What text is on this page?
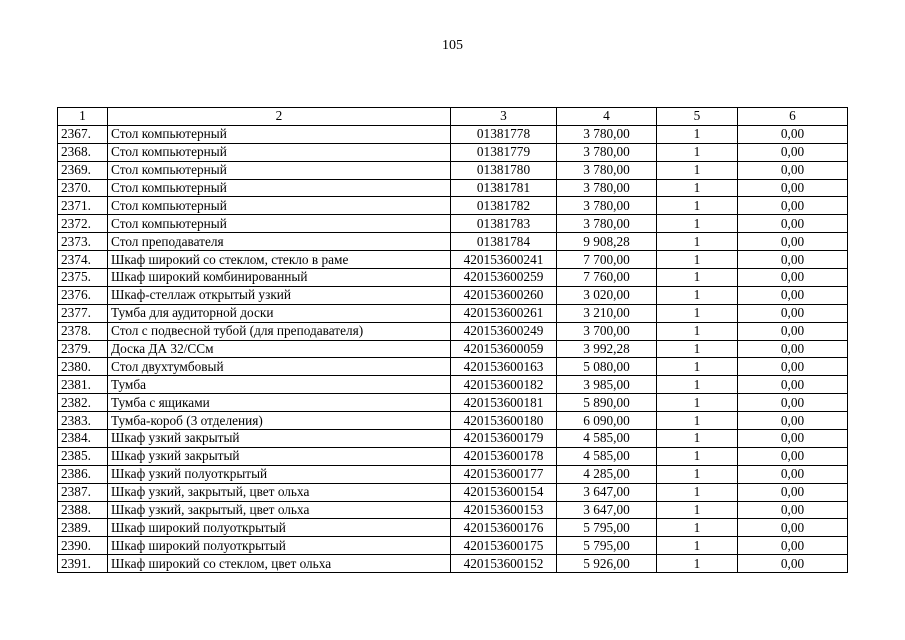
105
1	2	3	4	5	6
2367.	Стол компьютерный	01381778	3 780,00	1	0,00
2368.	Стол компьютерный	01381779	3 780,00	1	0,00
2369.	Стол компьютерный	01381780	3 780,00	1	0,00
2370.	Стол компьютерный	01381781	3 780,00	1	0,00
2371.	Стол компьютерный	01381782	3 780,00	1	0,00
2372.	Стол компьютерный	01381783	3 780,00	1	0,00
2373.	Стол преподавателя	01381784	9 908,28	1	0,00
2374.	Шкаф широкий со стеклом, стекло в раме	420153600241	7 700,00	1	0,00
2375.	Шкаф широкий комбинированный	420153600259	7 760,00	1	0,00
2376.	Шкаф-стеллаж открытый узкий	420153600260	3 020,00	1	0,00
2377.	Тумба для аудиторной доски	420153600261	3 210,00	1	0,00
2378.	Стол с подвесной тубой (для преподавателя)	420153600249	3 700,00	1	0,00
2379.	Доска ДА 32/ССм	420153600059	3 992,28	1	0,00
2380.	Стол двухтумбовый	420153600163	5 080,00	1	0,00
2381.	Тумба	420153600182	3 985,00	1	0,00
2382.	Тумба с ящиками	420153600181	5 890,00	1	0,00
2383.	Тумба-короб (3 отделения)	420153600180	6 090,00	1	0,00
2384.	Шкаф узкий закрытый	420153600179	4 585,00	1	0,00
2385.	Шкаф узкий закрытый	420153600178	4 585,00	1	0,00
2386.	Шкаф узкий полуоткрытый	420153600177	4 285,00	1	0,00
2387.	Шкаф узкий, закрытый, цвет ольха	420153600154	3 647,00	1	0,00
2388.	Шкаф узкий, закрытый, цвет ольха	420153600153	3 647,00	1	0,00
2389.	Шкаф широкий полуоткрытый	420153600176	5 795,00	1	0,00
2390.	Шкаф широкий полуоткрытый	420153600175	5 795,00	1	0,00
2391.	Шкаф широкий со стеклом, цвет ольха	420153600152	5 926,00	1	0,00
